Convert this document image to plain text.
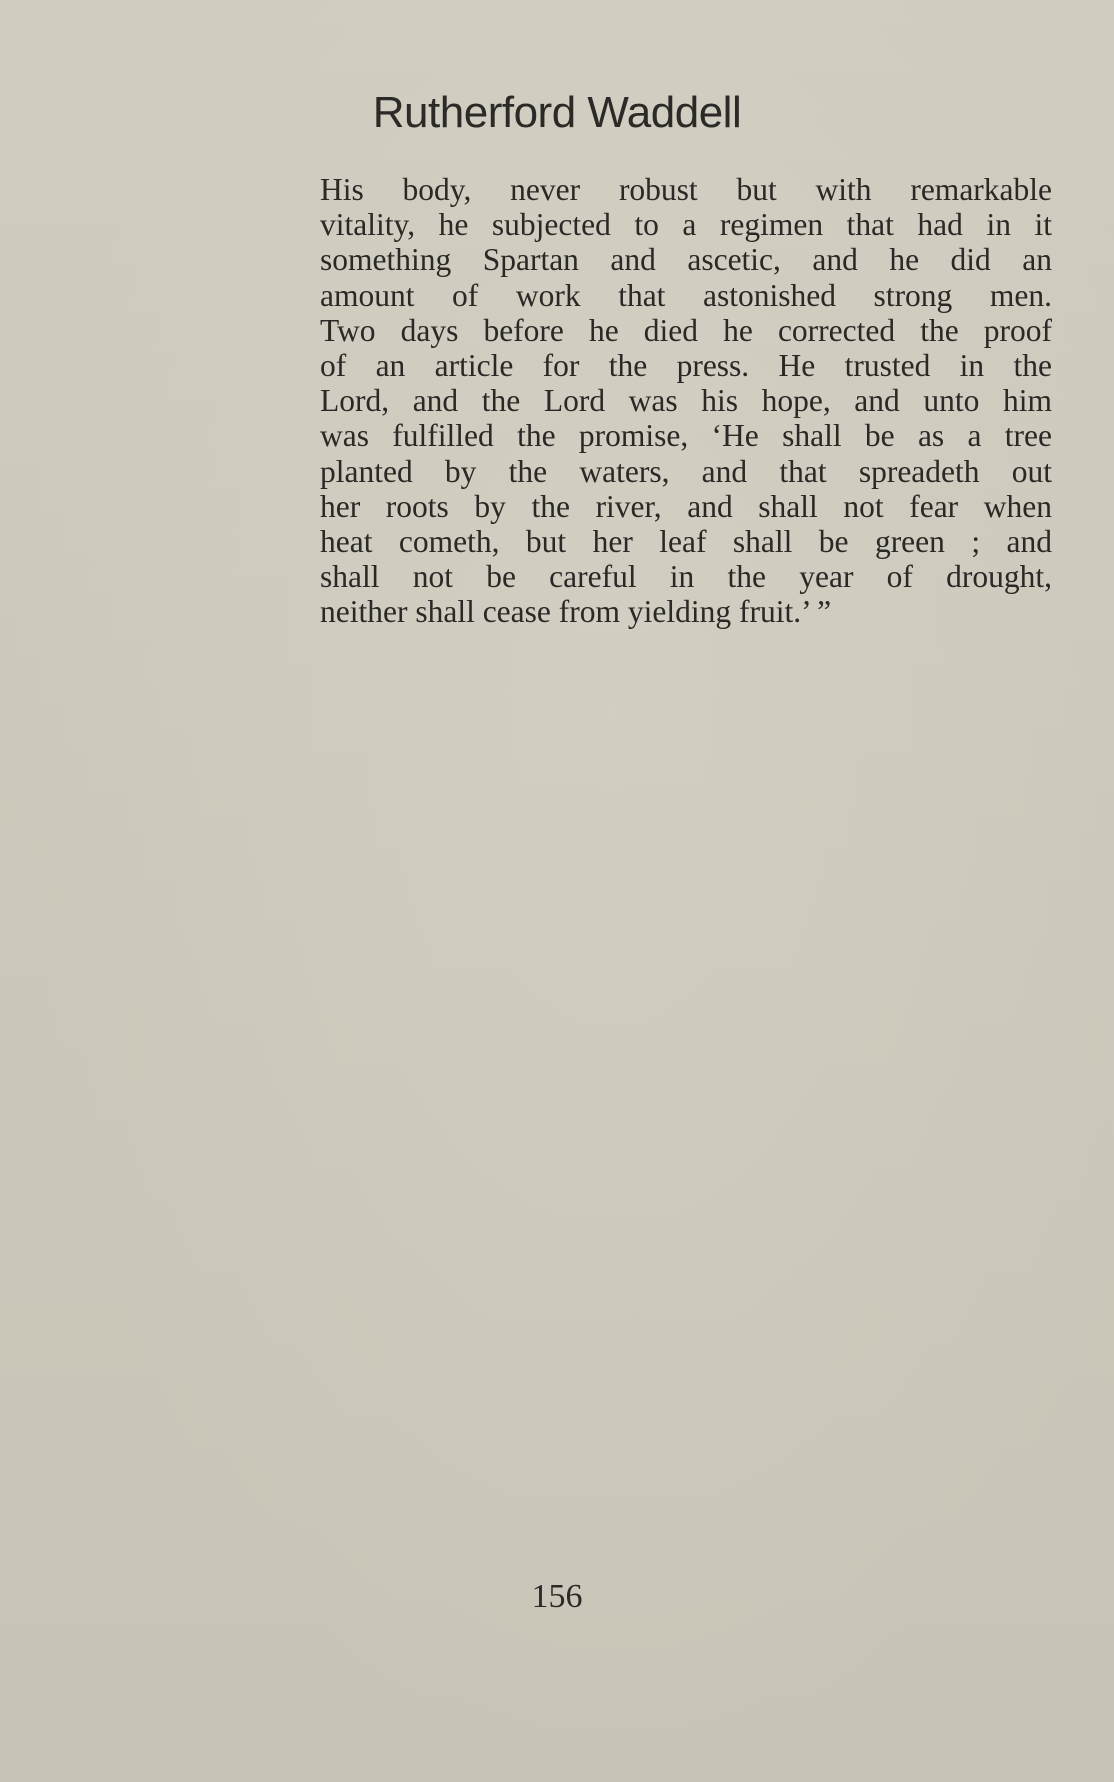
Rutherford Waddell
His body, never robust but with remarkable
vitality, he subjected to a regimen that had in it
something Spartan and ascetic, and he did an
amount of work that astonished strong men.
Two days before he died he corrected the proof
of an article for the press. He trusted in the
Lord, and the Lord was his hope, and unto him
was fulfilled the promise, ‘He shall be as a tree
planted by the waters, and that spreadeth out
her roots by the river, and shall not fear when
heat cometh, but her leaf shall be green ; and
shall not be careful in the year of drought,
neither shall cease from yielding fruit.’ ”
156
